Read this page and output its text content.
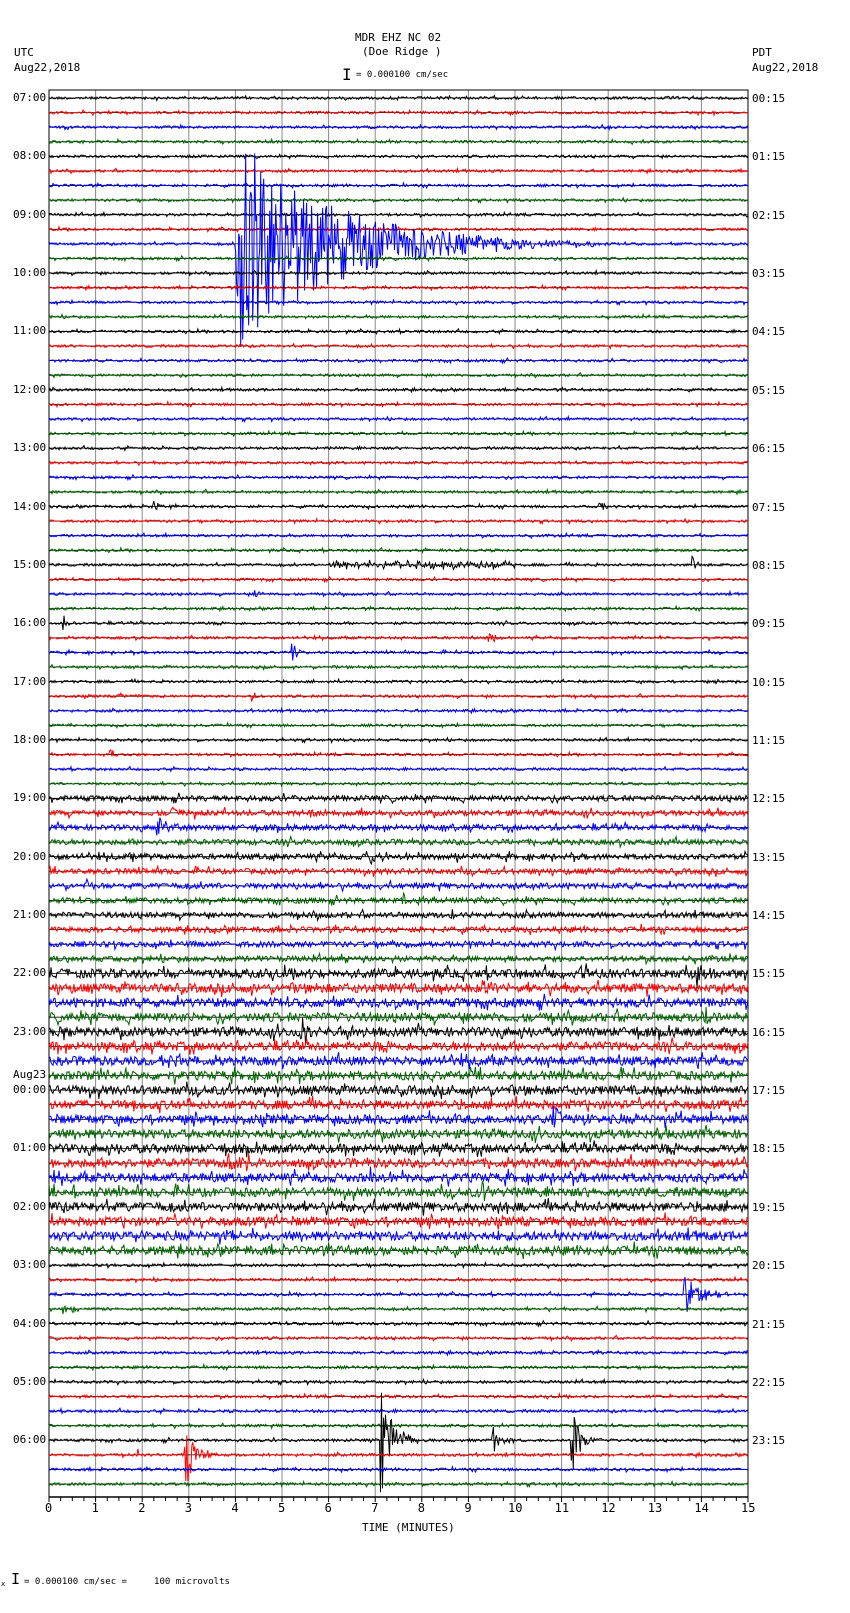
MDR EHZ NC 02
(Doe Ridge )
UTC
Aug22,2018
PDT
Aug22,2018
I = 0.000100 cm/sec
TIME (MINUTES)
x I = 0.000100 cm/sec =     100 microvolts
0	1	2	3	4	5	6	7	8	9	10	11	12	13	14	15
07:00
08:00
09:00
10:00
11:00
12:00
13:00
14:00
15:00
16:00
17:00
18:00
19:00
20:00
21:00
22:00
23:00
00:00
Aug23
01:00
02:00
03:00
04:00
05:00
06:00
00:15
01:15
02:15
03:15
04:15
05:15
06:15
07:15
08:15
09:15
10:15
11:15
12:15
13:15
14:15
15:15
16:15
17:15
18:15
19:15
20:15
21:15
22:15
23:15
